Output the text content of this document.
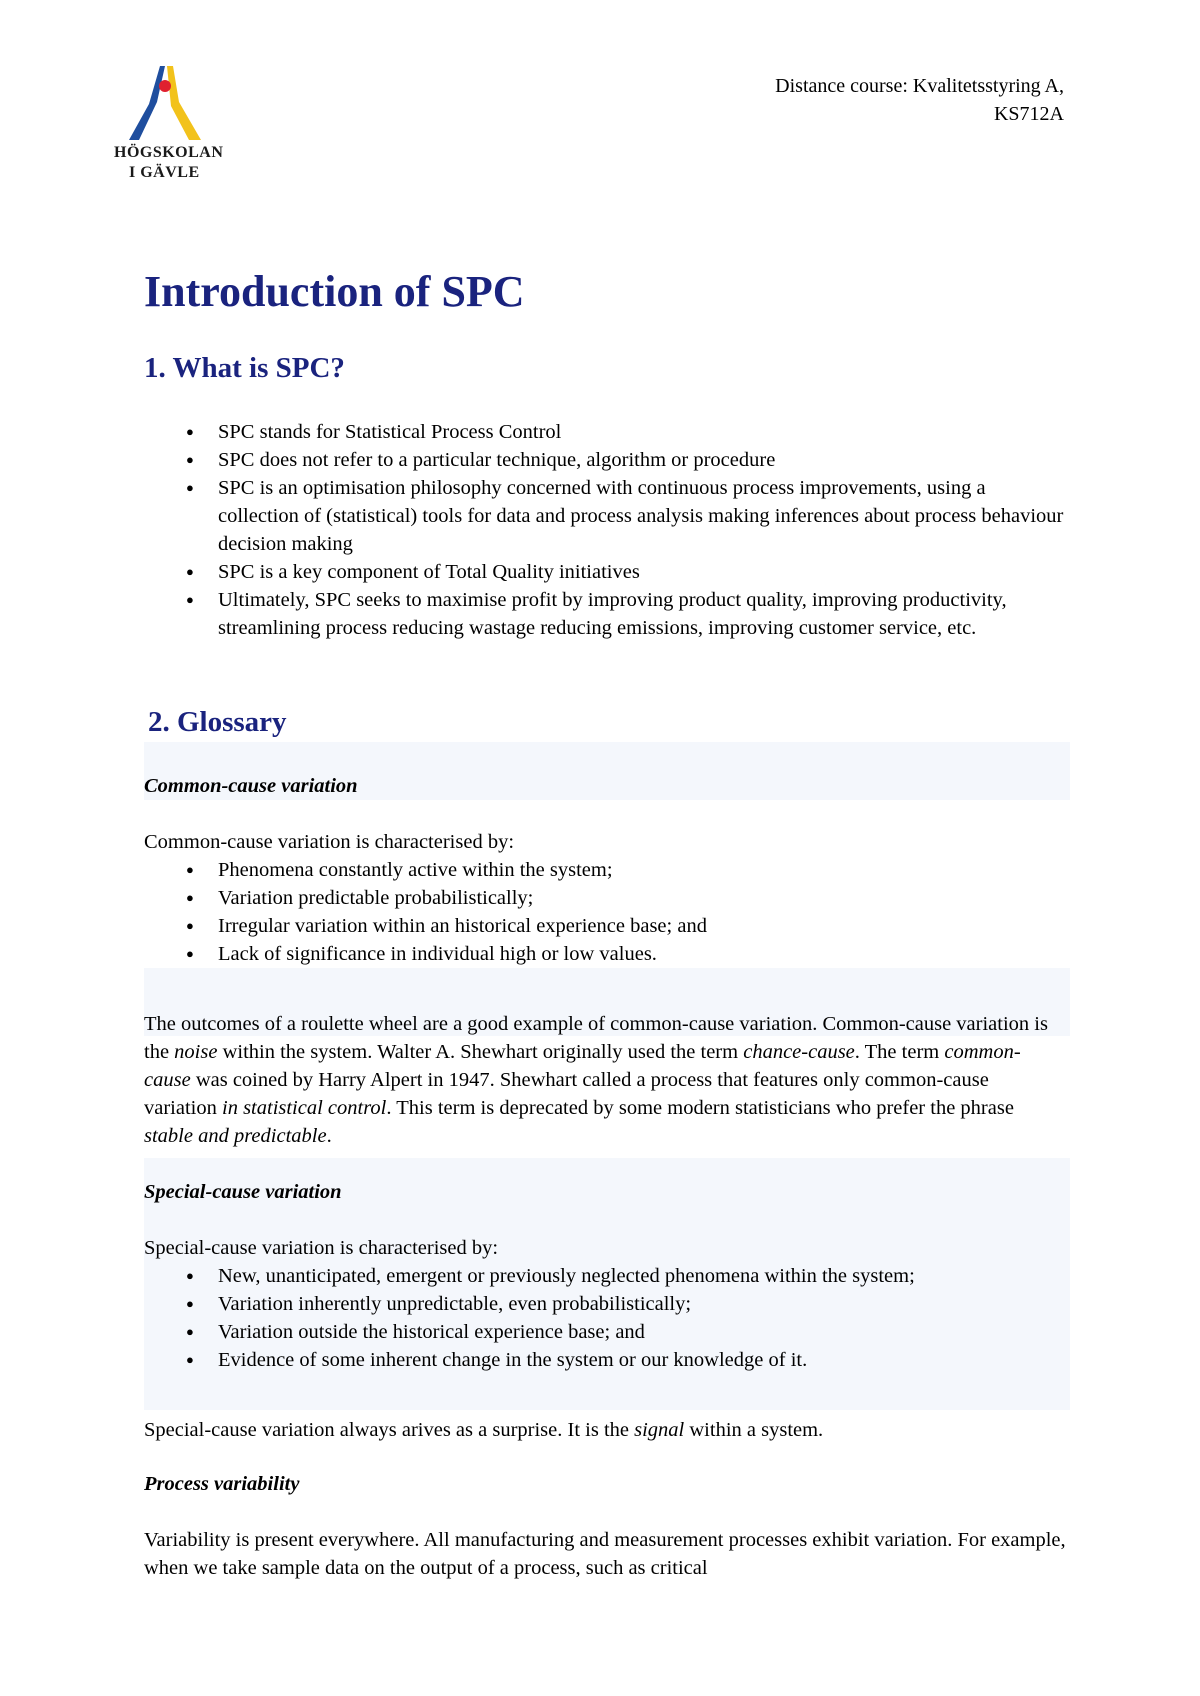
HÖGSKOLAN
I GÄVLE
Distance course: Kvalitetsstyring A,
KS712A
Introduction of SPC
1. What is SPC?
● SPC stands for Statistical Process Control
● SPC does not refer to a particular technique, algorithm or procedure
● SPC is an optimisation philosophy concerned with continuous process improvements, using a collection of (statistical) tools for data and process analysis making inferences about process behaviour decision making
● SPC is a key component of Total Quality initiatives
● Ultimately, SPC seeks to maximise profit by improving product quality, improving productivity, streamlining process reducing wastage reducing emissions, improving customer service, etc.
2. Glossary

Common-cause variation

Common-cause variation is characterised by:

● Phenomena constantly active within the system;
● Variation predictable probabilistically;
● Irregular variation within an historical experience base; and
● Lack of significance in individual high or low values.

The outcomes of a roulette wheel are a good example of common-cause variation. Common-cause variation is the noise within the system. Walter A. Shewhart originally used the term chance-cause. The term common-cause was coined by Harry Alpert in 1947. Shewhart called a process that features only common-cause variation in statistical control. This term is deprecated by some modern statisticians who prefer the phrase stable and predictable.

Special-cause variation

Special-cause variation is characterised by:

● New, unanticipated, emergent or previously neglected phenomena within the system;
● Variation inherently unpredictable, even probabilistically;
● Variation outside the historical experience base; and
● Evidence of some inherent change in the system or our knowledge of it.

Special-cause variation always arives as a surprise. It is the signal within a system.

Process variability

Variability is present everywhere. All manufacturing and measurement processes exhibit variation. For example, when we take sample data on the output of a process, such as critical
